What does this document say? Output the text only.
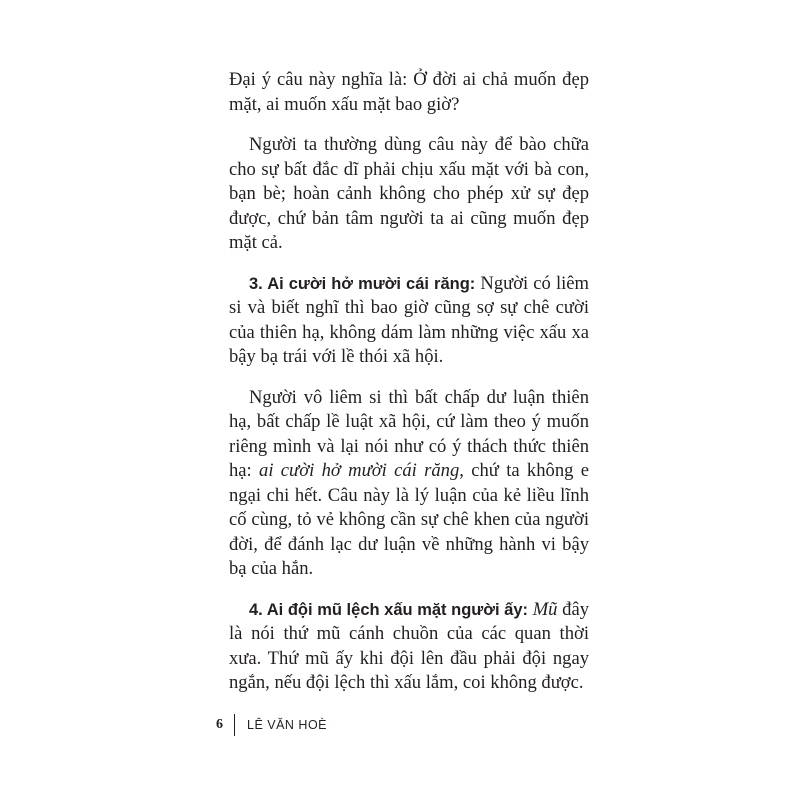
Đại ý câu này nghĩa là: Ở đời ai chả muốn đẹp mặt, ai muốn xấu mặt bao giờ?

Người ta thường dùng câu này để bào chữa cho sự bất đắc dĩ phải chịu xấu mặt với bà con, bạn bè; hoàn cảnh không cho phép xử sự đẹp được, chứ bản tâm người ta ai cũng muốn đẹp mặt cả.

3. Ai cười hở mười cái răng: Người có liêm si và biết nghĩ thì bao giờ cũng sợ sự chê cười của thiên hạ, không dám làm những việc xấu xa bậy bạ trái với lề thói xã hội.

Người vô liêm si thì bất chấp dư luận thiên hạ, bất chấp lề luật xã hội, cứ làm theo ý muốn riêng mình và lại nói như có ý thách thức thiên hạ: ai cười hở mười cái răng, chứ ta không e ngại chi hết. Câu này là lý luận của kẻ liều lĩnh cố cùng, tỏ vẻ không cần sự chê khen của người đời, để đánh lạc dư luận về những hành vi bậy bạ của hắn.

4. Ai đội mũ lệch xấu mặt người ấy: Mũ đây là nói thứ mũ cánh chuồn của các quan thời xưa. Thứ mũ ấy khi đội lên đầu phải đội ngay ngắn, nếu đội lệch thì xấu lắm, coi không được.

6 LÊ VĂN HOÈ
